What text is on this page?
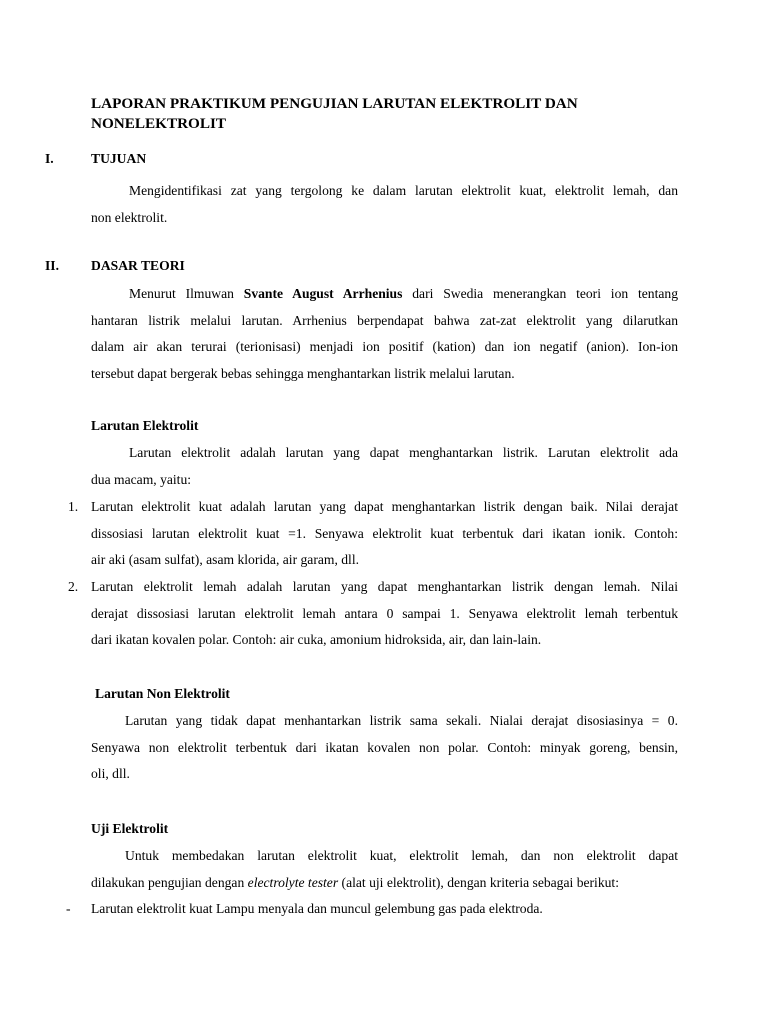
LAPORAN PRAKTIKUM PENGUJIAN LARUTAN ELEKTROLIT DAN
NONELEKTROLIT
I.	TUJUAN
Mengidentifikasi zat yang tergolong ke dalam larutan elektrolit kuat, elektrolit lemah, dan
non elektrolit.
II. DASAR TEORI
Menurut Ilmuwan Svante August Arrhenius dari Swedia menerangkan teori ion tentang
hantaran listrik melalui larutan. Arrhenius berpendapat bahwa zat-zat elektrolit yang dilarutkan
dalam air akan terurai (terionisasi) menjadi ion positif (kation) dan ion negatif (anion). Ion-ion
tersebut dapat bergerak bebas sehingga menghantarkan listrik melalui larutan.
Larutan Elektrolit
Larutan elektrolit adalah larutan yang dapat menghantarkan listrik. Larutan elektrolit ada
dua macam, yaitu:
1. Larutan elektrolit kuat adalah larutan yang dapat menghantarkan listrik dengan baik. Nilai derajat
dissosiasi larutan elektrolit kuat =1. Senyawa elektrolit kuat terbentuk dari ikatan ionik. Contoh:
air aki (asam sulfat), asam klorida, air garam, dll.
2. Larutan elektrolit lemah adalah larutan yang dapat menghantarkan listrik dengan lemah. Nilai
derajat dissosiasi larutan elektrolit lemah antara 0 sampai 1. Senyawa elektrolit lemah terbentuk
dari ikatan kovalen polar. Contoh: air cuka, amonium hidroksida, air, dan lain-lain.
Larutan Non Elektrolit
Larutan yang tidak dapat menhantarkan listrik sama sekali. Nialai derajat disosiasinya = 0.
Senyawa non elektrolit terbentuk dari ikatan kovalen non polar. Contoh: minyak goreng, bensin,
oli, dll.
Uji Elektrolit
Untuk membedakan larutan elektrolit kuat, elektrolit lemah, dan non elektrolit dapat
dilakukan pengujian dengan electrolyte tester (alat uji elektrolit), dengan kriteria sebagai berikut:
- Larutan elektrolit kuat Lampu menyala dan muncul gelembung gas pada elektroda.
